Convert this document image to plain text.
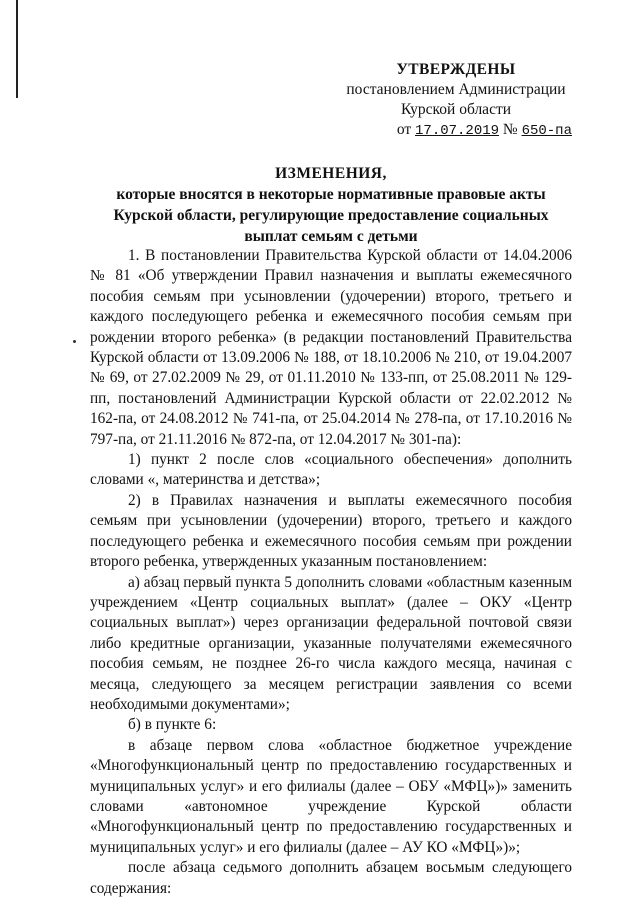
УТВЕРЖДЕНЫ
постановлением Администрации
Курской области
от 17.07.2019 № 650-па
ИЗМЕНЕНИЯ,
которые вносятся в некоторые нормативные правовые акты Курской области, регулирующие предоставление социальных выплат семьям с детьми

1. В постановлении Правительства Курской области от 14.04.2006 № 81 «Об утверждении Правил назначения и выплаты ежемесячного пособия семьям при усыновлении (удочерении) второго, третьего и каждого последующего ребенка и ежемесячного пособия семьям при рождении второго ребенка» (в редакции постановлений Правительства Курской области от 13.09.2006 № 188, от 18.10.2006 № 210, от 19.04.2007 № 69, от 27.02.2009 № 29, от 01.11.2010 № 133-пп, от 25.08.2011 № 129-пп, постановлений Администрации Курской области от 22.02.2012 № 162-па, от 24.08.2012 № 741-па, от 25.04.2014 № 278-па, от 17.10.2016 № 797-па, от 21.11.2016 № 872-па, от 12.04.2017 № 301-па):

1) пункт 2 после слов «социального обеспечения» дополнить словами «, материнства и детства»;

2) в Правилах назначения и выплаты ежемесячного пособия семьям при усыновлении (удочерении) второго, третьего и каждого последующего ребенка и ежемесячного пособия семьям при рождении второго ребенка, утвержденных указанным постановлением:

а) абзац первый пункта 5 дополнить словами «областным казенным учреждением «Центр социальных выплат» (далее – ОКУ «Центр социальных выплат») через организации федеральной почтовой связи либо кредитные организации, указанные получателями ежемесячного пособия семьям, не позднее 26-го числа каждого месяца, начиная с месяца, следующего за месяцем регистрации заявления со всеми необходимыми документами»;

б) в пункте 6:

в абзаце первом слова «областное бюджетное учреждение «Многофункциональный центр по предоставлению государственных и муниципальных услуг» и его филиалы (далее – ОБУ «МФЦ»)» заменить словами «автономное учреждение Курской области «Многофункциональный центр по предоставлению государственных и муниципальных услуг» и его филиалы (далее – АУ КО «МФЦ»)»;

после абзаца седьмого дополнить абзацем восьмым следующего содержания:
